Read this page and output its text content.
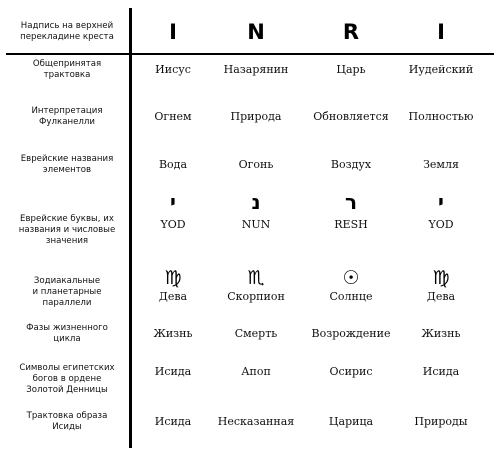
Надпись на верхней
перекладине креста	I	N	R	I
Общепринятая
трактовка	Иисус	Назарянин	Царь	Иудейский
Интерпретация
Фулканелли	Огнем	Природа	Обновляется	Полностью
Еврейские названия
элементов	Вода	Огонь	Воздух	Земля
Еврейские буквы, их
названия и числовые
значения
י	נ	ר	י
YOD	NUN	RESH	YOD
Зодиакальные
и планетарные
параллели
♍	♏	☉	♍
Дева	Скорпион	Солнце	Дева
Фазы жизненного
цикла	Жизнь	Смерть	Возрождение	Жизнь
Символы египетских
богов в ордене
Золотой Денницы
Исида	Апоп	Осирис	Исида
Трактовка образа
Исиды	Исида	Несказанная	Царица	Природы
